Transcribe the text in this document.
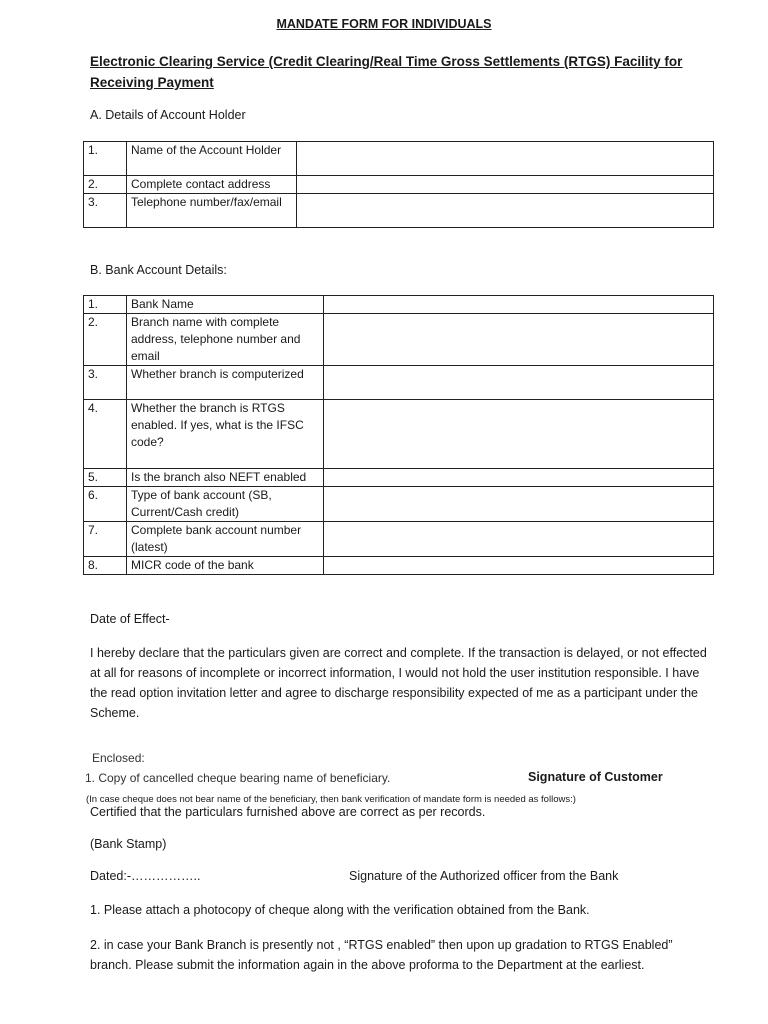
MANDATE FORM FOR INDIVIDUALS
Electronic Clearing Service (Credit Clearing/Real Time Gross Settlements (RTGS) Facility for Receiving Payment
A. Details of Account Holder
1.	Name of the Account Holder	
2.	Complete contact address	
3.	Telephone number/fax/email	
B. Bank Account Details:
1.	Bank Name	
2.	Branch name with complete address, telephone number and email	
3.	Whether branch is computerized	
4.	Whether the branch is RTGS enabled. If yes, what is the IFSC code?	
5.	Is the branch also NEFT enabled	
6.	Type of bank account (SB, Current/Cash credit)	
7.	Complete bank account number (latest)	
8.	MICR code of the bank	
Date of Effect-

I hereby declare that the particulars given are correct and complete. If the transaction is delayed, or not effected at all for reasons of incomplete or incorrect information, I would not hold the user institution responsible. I have the read option invitation letter and agree to discharge responsibility expected of me as a participant under the Scheme.

Enclosed:
1. Copy of cancelled cheque bearing name of beneficiary.	Signature of Customer
(In case cheque does not bear name of the beneficiary, then bank verification of mandate form is needed as follows:)
Certified that the particulars furnished above are correct as per records.
(Bank Stamp)
Dated:-……………..	Signature of the Authorized officer from the Bank
1. Please attach a photocopy of cheque along with the verification obtained from the Bank.

2. in case your Bank Branch is presently not , “RTGS enabled” then upon up gradation to RTGS Enabled” branch. Please submit the information again in the above proforma to the Department at the earliest.
